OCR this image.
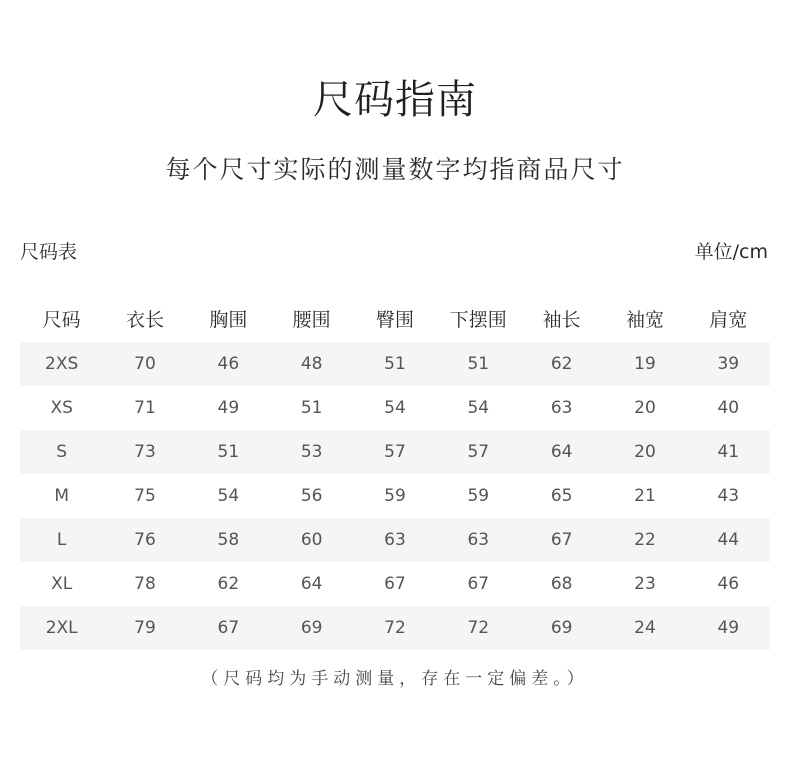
尺码指南
每个尺寸实际的测量数字均指商品尺寸
尺码表	单位/cm
尺码	衣长	胸围	腰围	臀围	下摆围	袖长	袖宽	肩宽
2XS	70	46	48	51	51	62	19	39
XS	71	49	51	54	54	63	20	40
S	73	51	53	57	57	64	20	41
M	75	54	56	59	59	65	21	43
L	76	58	60	63	63	67	22	44
XL	78	62	64	67	67	68	23	46
2XL	79	67	69	72	72	69	24	49
（尺码均为手动测量，存在一定偏差。）
